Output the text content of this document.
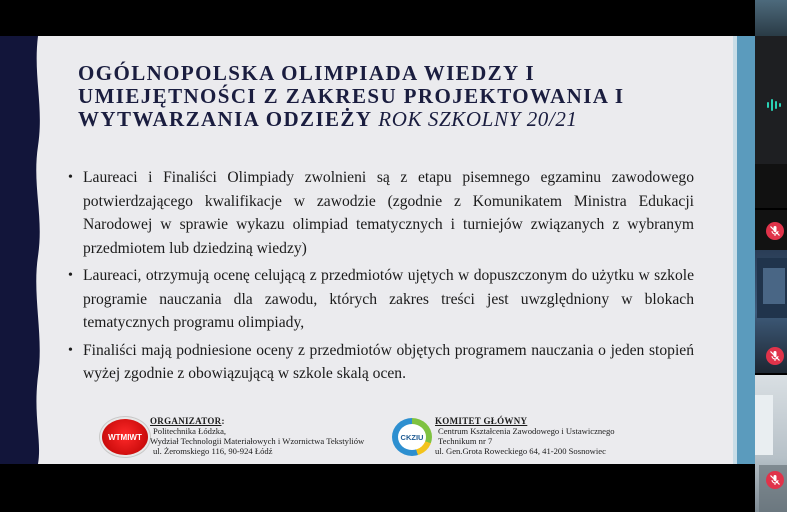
OGÓLNOPOLSKA OLIMPIADA WIEDZY I UMIEJĘTNOŚCI Z ZAKRESU PROJEKTOWANIA I WYTWARZANIA ODZIEŻY ROK SZKOLNY 20/21
• Laureaci i Finaliści Olimpiady zwolnieni są z etapu pisemnego egzaminu zawodowego potwierdzającego kwalifikacje w zawodzie (zgodnie z Komunikatem Ministra Edukacji Narodowej w sprawie wykazu olimpiad tematycznych i turniejów związanych z wybranym przedmiotem lub dziedziną wiedzy)
• Laureaci, otrzymują ocenę celującą z przedmiotów ujętych w dopuszczonym do użytku w szkole programie nauczania dla zawodu, których zakres treści jest uwzględniony w blokach tematycznych programu olimpiady,
• Finaliści mają podniesione oceny z przedmiotów objętych programem nauczania o jeden stopień wyżej zgodnie z obowiązującą w szkole skalą ocen.
WTMIWT
ORGANIZATOR:
Politechnika Łódzka,
Wydział Technologii Materiałowych i Wzornictwa Tekstyliów
ul. Żeromskiego 116, 90-924 Łódź
CKZIU
KOMITET GŁÓWNY
Centrum Kształcenia Zawodowego i Ustawicznego
Technikum nr 7
ul. Gen.Grota Roweckiego 64, 41-200 Sosnowiec
